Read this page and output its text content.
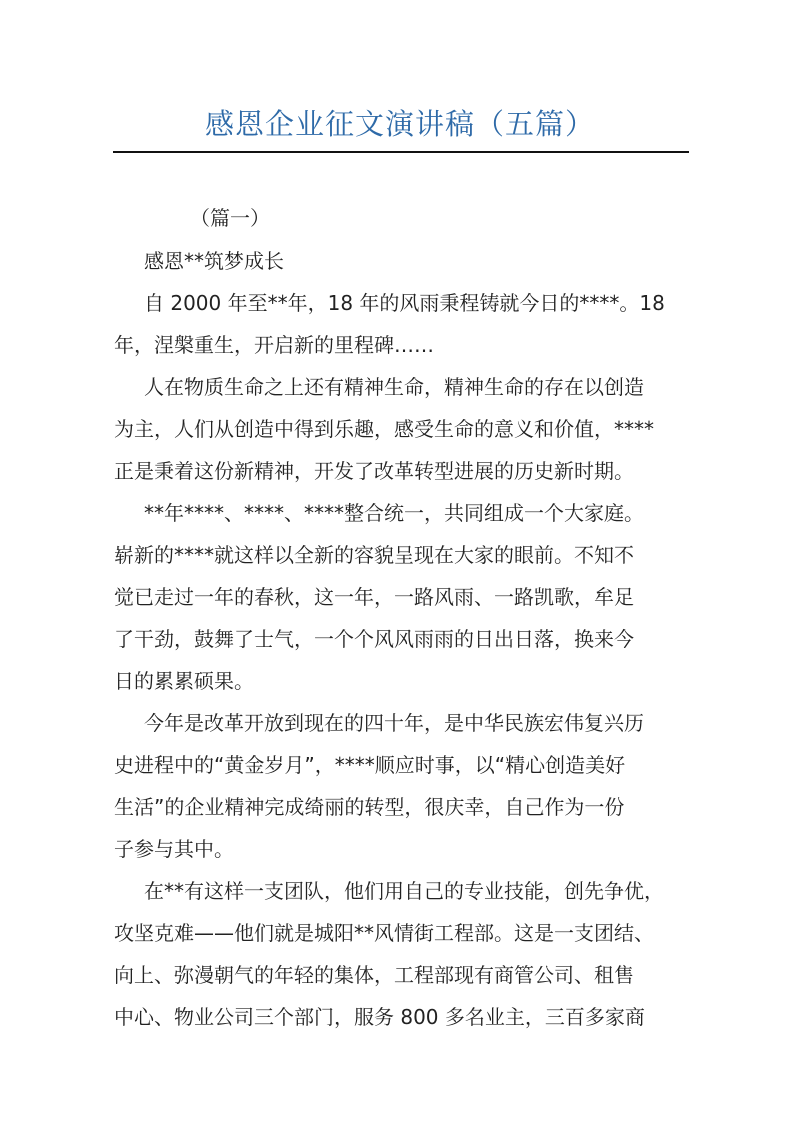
感恩企业征文演讲稿（五篇）
（篇一）
感恩**筑梦成长
自 2000 年至**年，18 年的风雨秉程铸就今日的****。18
年，涅槃重生，开启新的里程碑……
人在物质生命之上还有精神生命，精神生命的存在以创造
为主，人们从创造中得到乐趣，感受生命的意义和价值，****
正是秉着这份新精神，开发了改革转型进展的历史新时期。
**年****、****、****整合统一，共同组成一个大家庭。
崭新的****就这样以全新的容貌呈现在大家的眼前。不知不
觉已走过一年的春秋，这一年，一路风雨、一路凯歌，牟足
了干劲，鼓舞了士气，一个个风风雨雨的日出日落，换来今
日的累累硕果。
今年是改革开放到现在的四十年，是中华民族宏伟复兴历
史进程中的“黄金岁月”，****顺应时事，以“精心创造美好
生活”的企业精神完成绮丽的转型，很庆幸，自己作为一份
子参与其中。
在**有这样一支团队，他们用自己的专业技能，创先争优，
攻坚克难——他们就是城阳**风情街工程部。这是一支团结、
向上、弥漫朝气的年轻的集体，工程部现有商管公司、租售
中心、物业公司三个部门，服务 800 多名业主，三百多家商
